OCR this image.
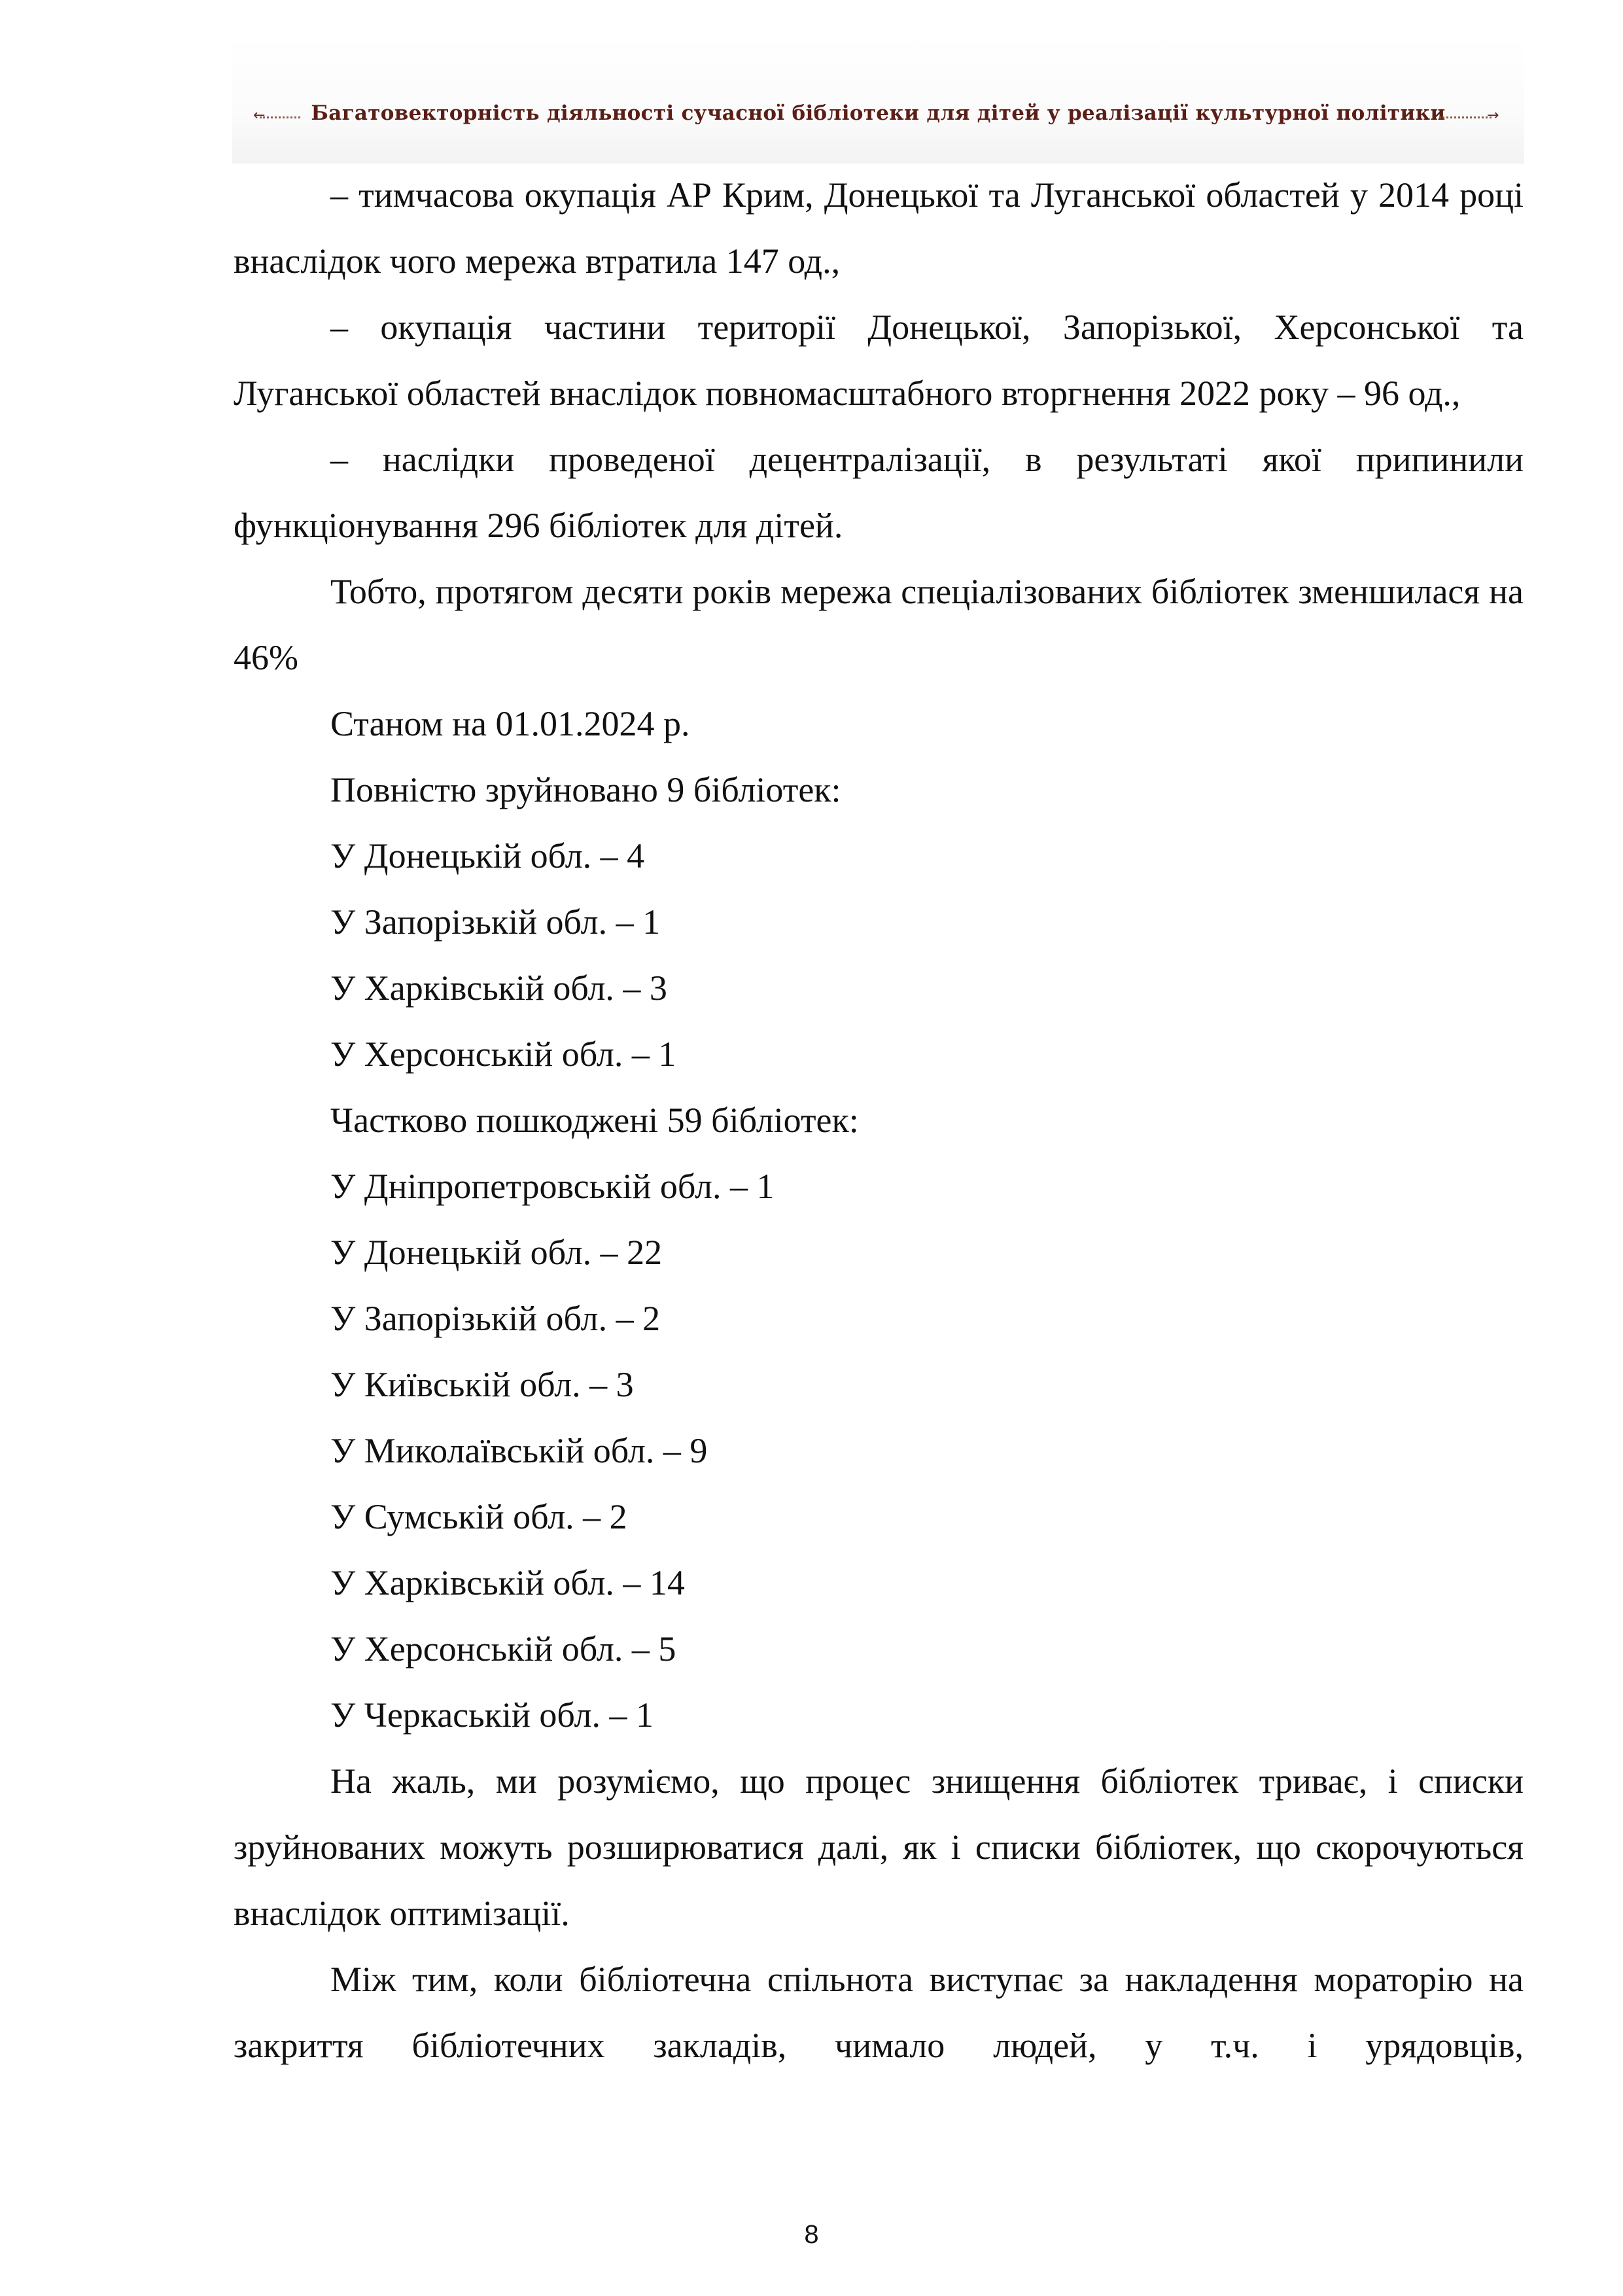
←	Багатовекторність діяльності сучасної бібліотеки для дітей у реалізації культурної політики	→

– тимчасова окупація АР Крим, Донецької та Луганської областей у 2014 році внаслідок чого мережа втратила 147 од.,

– окупація частини території Донецької, Запорізької, Херсонської та Луганської областей внаслідок повномасштабного вторгнення 2022 року – 96 од.,

– наслідки проведеної децентралізації, в результаті якої припинили функціонування 296 бібліотек для дітей.

Тобто, протягом десяти років мережа спеціалізованих бібліотек зменшилася на 46%

Станом на 01.01.2024 р.

Повністю зруйновано 9 бібліотек:

У Донецькій обл. – 4

У Запорізькій обл. – 1

У Харківській обл. – 3

У Херсонській обл. – 1

Частково пошкоджені 59 бібліотек:

У Дніпропетровській обл. – 1

У Донецькій обл. – 22

У Запорізькій обл. – 2

У Київській обл. – 3

У Миколаївській обл. – 9

У Сумській обл. – 2

У Харківській обл. – 14

У Херсонській обл. – 5

У Черкаській обл. – 1

На жаль, ми розуміємо, що процес знищення бібліотек триває, і списки зруйнованих можуть розширюватися далі, як і списки бібліотек, що скорочуються внаслідок оптимізації.

Між тим, коли бібліотечна спільнота виступає за накладення мораторію на закриття бібліотечних закладів, чимало людей, у т.ч. і урядовців,

8
